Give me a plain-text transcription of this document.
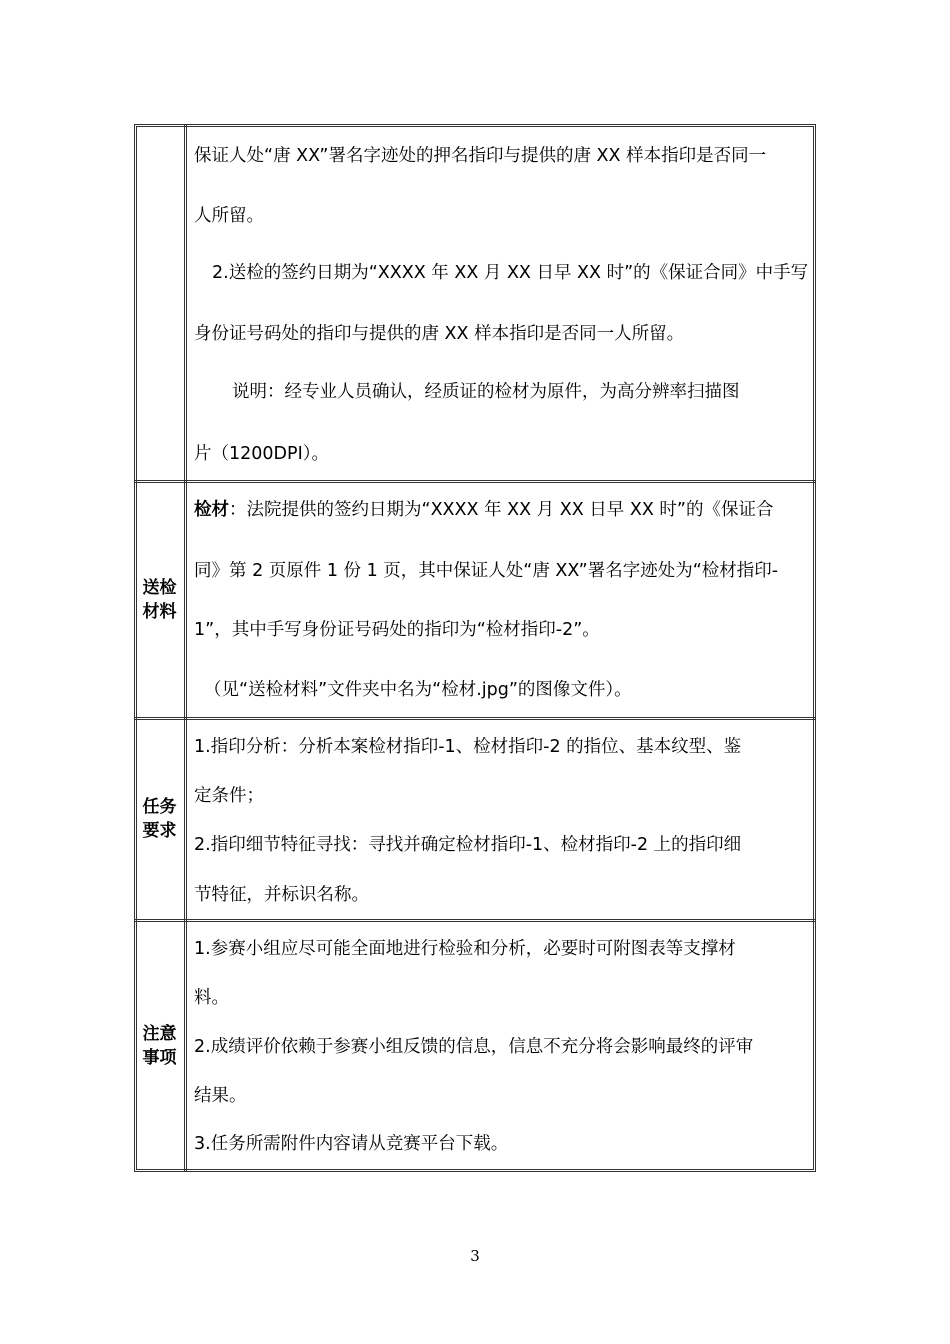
保证人处“唐 XX”署名字迹处的押名指印与提供的唐 XX 样本指印是否同一
人所留。
2.送检的签约日期为“XXXX 年 XX 月 XX 日早 XX 时”的《保证合同》中手写
身份证号码处的指印与提供的唐 XX 样本指印是否同一人所留。
说明：经专业人员确认，经质证的检材为原件，为高分辨率扫描图
片（1200DPI）。
送检
材料
检材：法院提供的签约日期为“XXXX 年 XX 月 XX 日早 XX 时”的《保证合
同》第 2 页原件 1 份 1 页，其中保证人处“唐 XX”署名字迹处为“检材指印-
1”，其中手写身份证号码处的指印为“检材指印-2”。
（见“送检材料”文件夹中名为“检材.jpg”的图像文件）。
任务
要求
1.指印分析：分析本案检材指印-1、检材指印-2 的指位、基本纹型、鉴
定条件；
2.指印细节特征寻找：寻找并确定检材指印-1、检材指印-2 上的指印细
节特征，并标识名称。
注意
事项
1.参赛小组应尽可能全面地进行检验和分析，必要时可附图表等支撑材
料。
2.成绩评价依赖于参赛小组反馈的信息，信息不充分将会影响最终的评审
结果。
3.任务所需附件内容请从竞赛平台下载。
3
